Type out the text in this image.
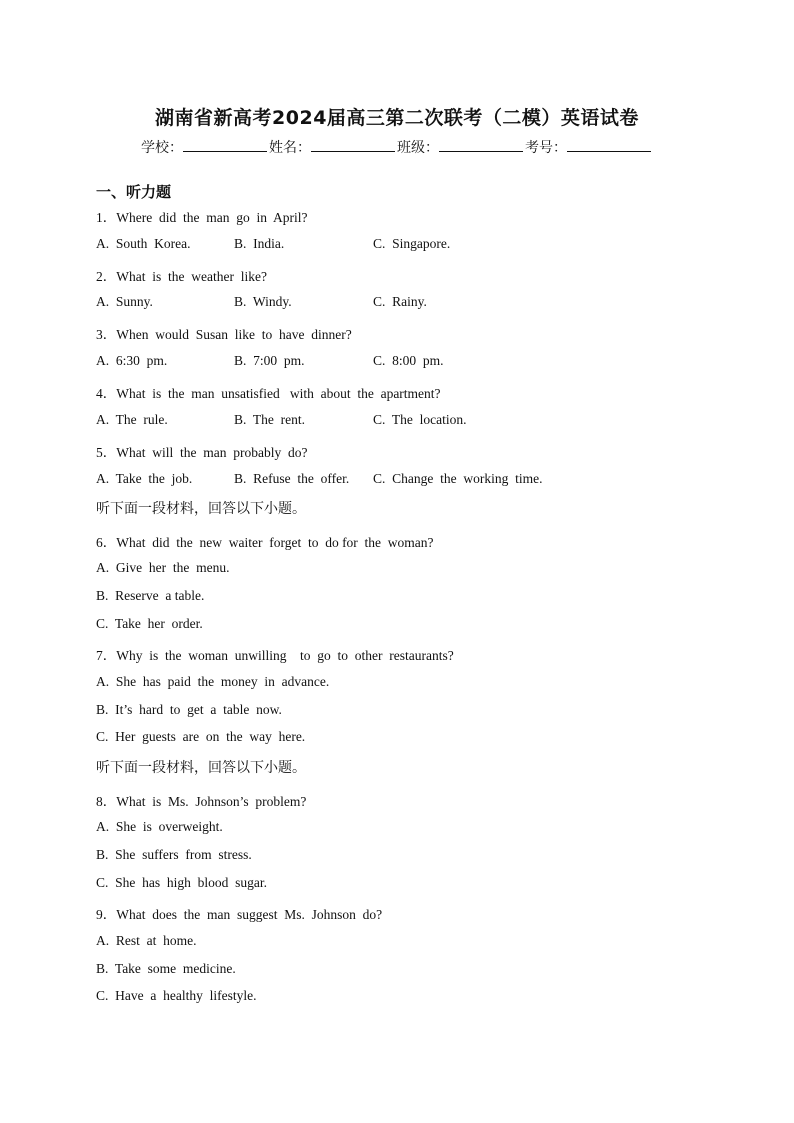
湖南省新高考2024届高三第二次联考（二模）英语试卷
学校：	姓名：	班级：	考号：
一、听力题
1．Where  did  the  man  go  in  April?
A.  South  Korea.	B.  India.	C.  Singapore.
2．What  is  the  weather  like?
A.  Sunny.	B.  Windy.	C.  Rainy.
3．When  would  Susan  like  to  have  dinner?
A.  6:30  pm.	B.  7:00  pm.	C.  8:00  pm.
4．What  is  the  man  unsatisfied   with  about  the  apartment?
A.  The  rule.	B.  The  rent.	C.  The  location.
5．What  will  the  man  probably  do?
A.  Take  the  job.	B.  Refuse  the  offer. C.  Change  the  working  time.
听下面一段材料，回答以下小题。
6．What  did  the  new  waiter  forget  to  do for  the  woman?
A.  Give  her  the  menu.
B.  Reserve  a table.
C.  Take  her  order.
7．Why  is  the  woman  unwilling    to  go  to  other  restaurants?
A.  She  has  paid  the  money  in  advance.
B.  It’s  hard  to  get  a  table  now.
C.  Her  guests  are  on  the  way  here.
听下面一段材料，回答以下小题。
8．What  is  Ms.  Johnson’s  problem?
A.  She  is  overweight.
B.  She  suffers  from  stress.
C.  She  has  high  blood  sugar.
9．What  does  the  man  suggest  Ms.  Johnson  do?
A.  Rest  at  home.
B.  Take  some  medicine.
C.  Have  a  healthy  lifestyle.
